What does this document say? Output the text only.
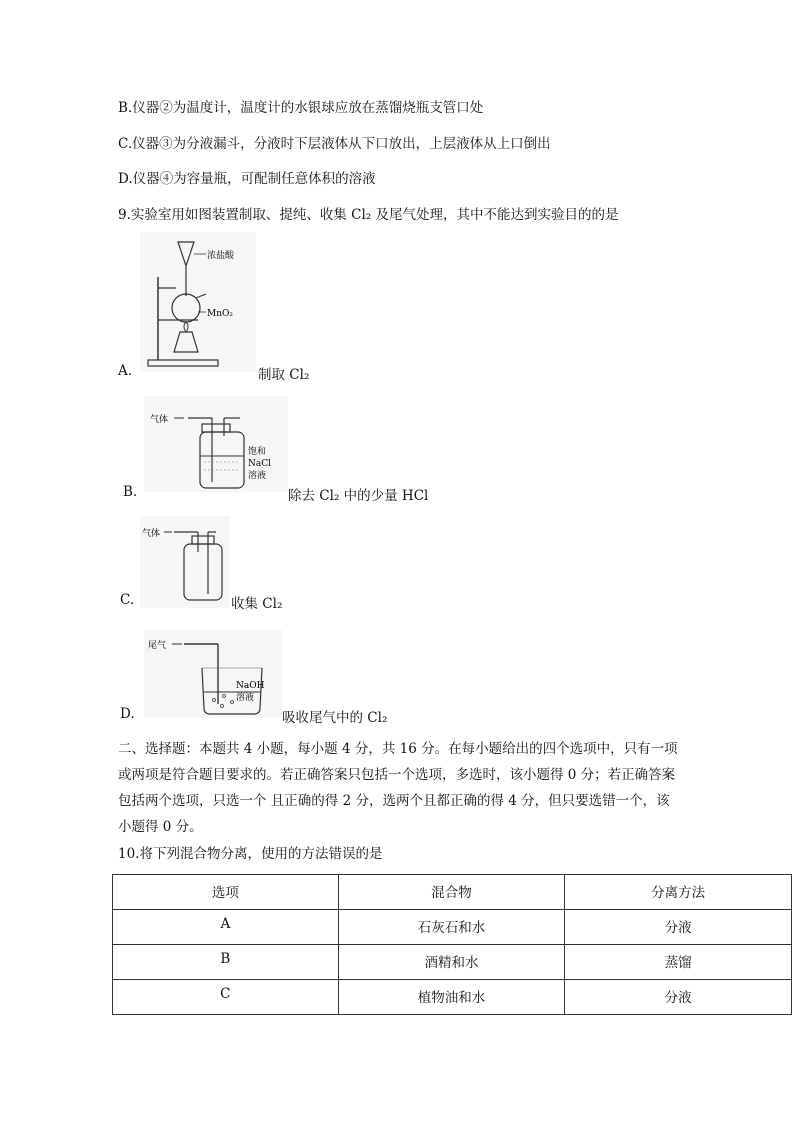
B.仪器②为温度计，温度计的水银球应放在蒸馏烧瓶支管口处
C.仪器③为分液漏斗，分液时下层液体从下口放出，上层液体从上口倒出
D.仪器④为容量瓶，可配制任意体积的溶液
9.实验室用如图装置制取、提纯、收集 Cl₂ 及尾气处理，其中不能达到实验目的的是
浓盐酸
MnO₂
A.	制取 Cl₂
气体
饱和
NaCl
溶液
B.	除去 Cl₂ 中的少量 HCl
气体
C.	收集 Cl₂
尾气
NaOH
溶液
D.	吸收尾气中的 Cl₂
二、选择题：本题共 4 小题，每小题 4 分，共 16 分。在每小题给出的四个选项中，只有一项或两项是符合题目要求的。若正确答案只包括一个选项，多选时，该小题得 0 分；若正确答案包括两个选项，只选一个 且正确的得 2 分，选两个且都正确的得 4 分，但只要选错一个，该小题得 0 分。
10.将下列混合物分离，使用的方法错误的是
选项	混合物	分离方法
A	石灰石和水	分液
B	酒精和水	蒸馏
C	植物油和水	分液
